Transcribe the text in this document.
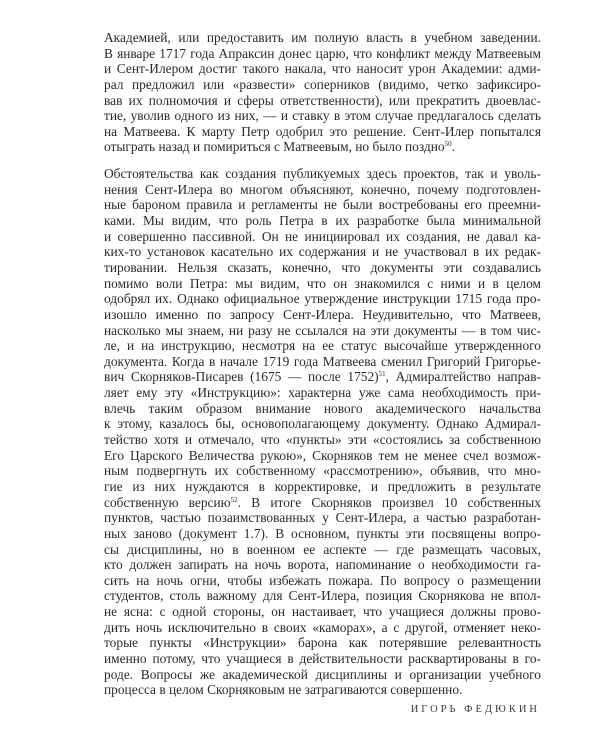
Академией, или предоставить им полную власть в учебном заведении.
В январе 1717 года Апраксин донес царю, что конфликт между Матвеевым
и Сент-Илером достиг такого накала, что наносит урон Академии: адми-
рал предложил или «развести» соперников (видимо, четко зафиксиро-
вав их полномочия и сферы ответственности), или прекратить двоевлас-
тие, уволив одного из них, — и ставку в этом случае предлагалось сделать
на Матвеева. К марту Петр одобрил это решение. Сент-Илер попытался
отыграть назад и помириться с Матвеевым, но было поздно$^{50}$.
Обстоятельства как создания публикуемых здесь проектов, так и уволь-
нения Сент-Илера во многом объясняют, конечно, почему подготовлен-
ные бароном правила и регламенты не были востребованы его преемни-
ками. Мы видим, что роль Петра в их разработке была минимальной
и совершенно пассивной. Он не инициировал их создания, не давал ка-
ких-то установок касательно их содержания и не участвовал в их редак-
тировании. Нельзя сказать, конечно, что документы эти создавались
помимо воли Петра: мы видим, что он знакомился с ними и в целом
одобрял их. Однако официальное утверждение инструкции 1715 года про-
изошло именно по запросу Сент-Илера. Неудивительно, что Матвеев,
насколько мы знаем, ни разу не ссылался на эти документы — в том чис-
ле, и на инструкцию, несмотря на ее статус высочайше утвержденного
документа. Когда в начале 1719 года Матвеева сменил Григорий Григорье-
вич Скорняков-Писарев (1675 — после 1752)$^{51}$, Адмиралтейство направ-
ляет ему эту «Инструкцию»: характерна уже сама необходимость при-
влечь таким образом внимание нового академического начальства
к этому, казалось бы, основополагающему документу. Однако Адмирал-
тейство хотя и отмечало, что «пункты» эти «состоялись за собственною
Его Царского Величества рукою», Скорняков тем не менее счел возмож-
ным подвергнуть их собственному «рассмотрению», объявив, что мно-
гие из них нуждаются в корректировке, и предложить в результате
собственную версию$^{52}$. В итоге Скорняков произвел 10 собственных
пунктов, частью позаимствованных у Сент-Илера, а частью разработан-
ных заново (документ 1.7). В основном, пункты эти посвящены вопро-
сы дисциплины, но в военном ее аспекте — где размещать часовых,
кто должен запирать на ночь ворота, напоминание о необходимости га-
сить на ночь огни, чтобы избежать пожара. По вопросу о размещении
студентов, столь важному для Сент-Илера, позиция Скорнякова не впол-
не ясна: с одной стороны, он настаивает, что учащиеся должны прово-
дить ночь исключительно в своих «каморах», а с другой, отменяет неко-
торые пункты «Инструкции» барона как потерявшие релевантность
именно потому, что учащиеся в действительности расквартированы в го-
роде. Вопросы же академической дисциплины и организации учебного
процесса в целом Скорняковым не затрагиваются совершенно.
ИГОРЬ ФЕДЮКИН
